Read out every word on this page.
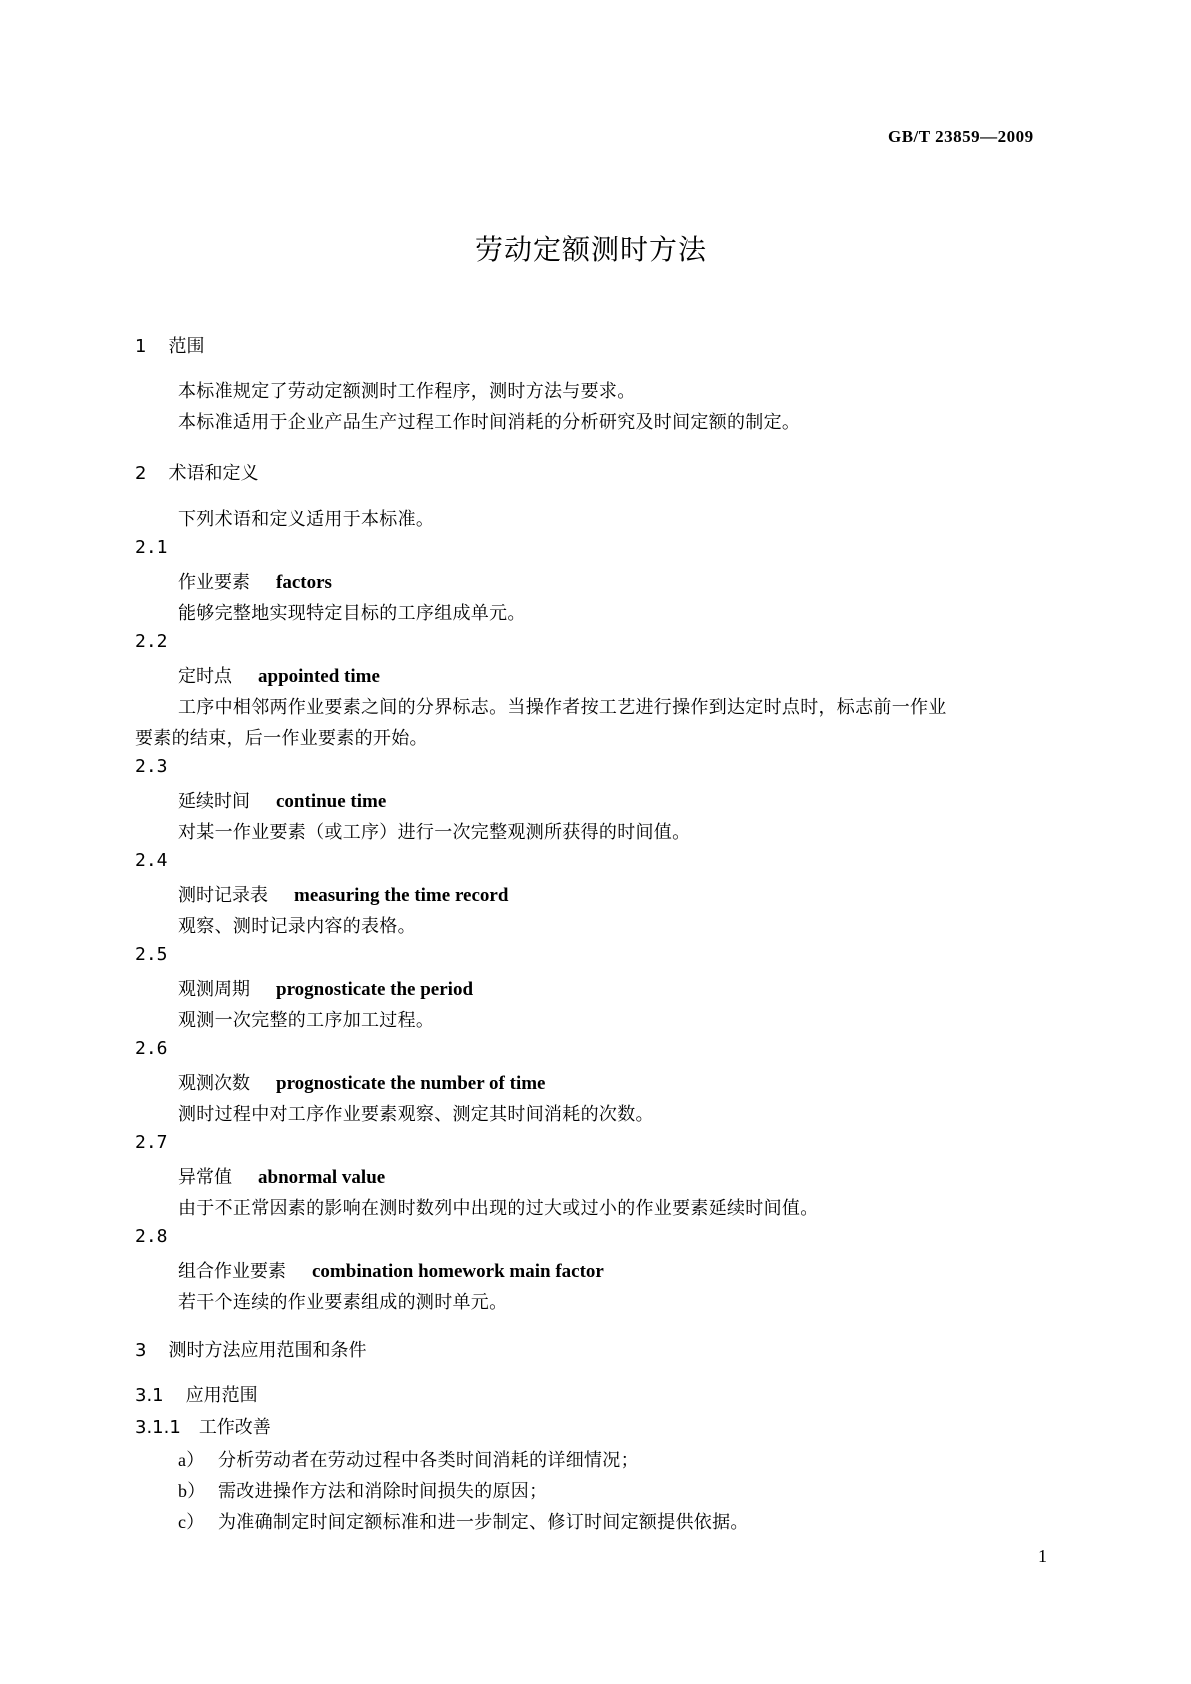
GB/T 23859—2009
劳动定额测时方法
1 范围
本标准规定了劳动定额测时工作程序，测时方法与要求。
本标准适用于企业产品生产过程工作时间消耗的分析研究及时间定额的制定。
2 术语和定义
下列术语和定义适用于本标准。
2.1
作业要素 factors
能够完整地实现特定目标的工序组成单元。
2.2
定时点 appointed time
工序中相邻两作业要素之间的分界标志。当操作者按工艺进行操作到达定时点时，标志前一作业
要素的结束，后一作业要素的开始。
2.3
延续时间 continue time
对某一作业要素（或工序）进行一次完整观测所获得的时间值。
2.4
测时记录表 measuring the time record
观察、测时记录内容的表格。
2.5
观测周期 prognosticate the period
观测一次完整的工序加工过程。
2.6
观测次数 prognosticate the number of time
测时过程中对工序作业要素观察、测定其时间消耗的次数。
2.7
异常值 abnormal value
由于不正常因素的影响在测时数列中出现的过大或过小的作业要素延续时间值。
2.8
组合作业要素 combination homework main factor
若干个连续的作业要素组成的测时单元。
3 测时方法应用范围和条件
3.1 应用范围
3.1.1 工作改善
a） 分析劳动者在劳动过程中各类时间消耗的详细情况；
b） 需改进操作方法和消除时间损失的原因；
c） 为准确制定时间定额标准和进一步制定、修订时间定额提供依据。
1
